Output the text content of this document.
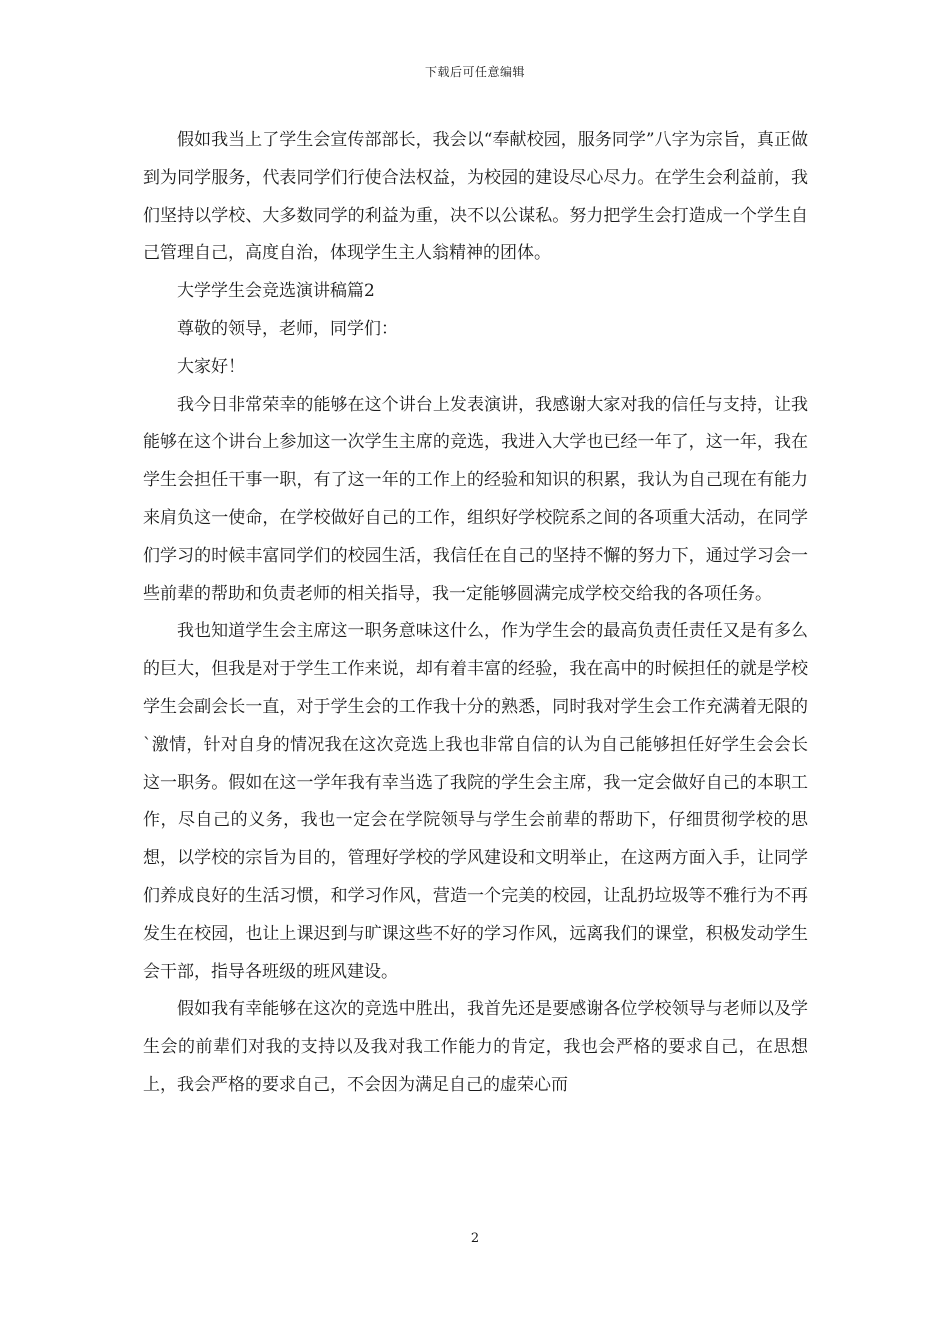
下载后可任意编辑

假如我当上了学生会宣传部部长，我会以“奉献校园，服务同学”八字为宗旨，真正做到为同学服务，代表同学们行使合法权益，为校园的建设尽心尽力。在学生会利益前，我们坚持以学校、大多数同学的利益为重，决不以公谋私。努力把学生会打造成一个学生自己管理自己，高度自治，体现学生主人翁精神的团体。

大学学生会竞选演讲稿篇2

尊敬的领导，老师，同学们：

大家好！

我今日非常荣幸的能够在这个讲台上发表演讲，我感谢大家对我的信任与支持，让我能够在这个讲台上参加这一次学生主席的竞选，我进入大学也已经一年了，这一年，我在学生会担任干事一职，有了这一年的工作上的经验和知识的积累，我认为自己现在有能力来肩负这一使命，在学校做好自己的工作，组织好学校院系之间的各项重大活动，在同学们学习的时候丰富同学们的校园生活，我信任在自己的坚持不懈的努力下，通过学习会一些前辈的帮助和负责老师的相关指导，我一定能够圆满完成学校交给我的各项任务。

我也知道学生会主席这一职务意味这什么，作为学生会的最高负责任责任又是有多么的巨大，但我是对于学生工作来说，却有着丰富的经验，我在高中的时候担任的就是学校学生会副会长一直，对于学生会的工作我十分的熟悉，同时我对学生会工作充满着无限的`激情，针对自身的情况我在这次竞选上我也非常自信的认为自己能够担任好学生会会长这一职务。假如在这一学年我有幸当选了我院的学生会主席，我一定会做好自己的本职工作，尽自己的义务，我也一定会在学院领导与学生会前辈的帮助下，仔细贯彻学校的思想，以学校的宗旨为目的，管理好学校的学风建设和文明举止，在这两方面入手，让同学们养成良好的生活习惯，和学习作风，营造一个完美的校园，让乱扔垃圾等不雅行为不再发生在校园，也让上课迟到与旷课这些不好的学习作风，远离我们的课堂，积极发动学生会干部，指导各班级的班风建设。

假如我有幸能够在这次的竞选中胜出，我首先还是要感谢各位学校领导与老师以及学生会的前辈们对我的支持以及我对我工作能力的肯定，我也会严格的要求自己，在思想上，我会严格的要求自己，不会因为满足自己的虚荣心而

2
